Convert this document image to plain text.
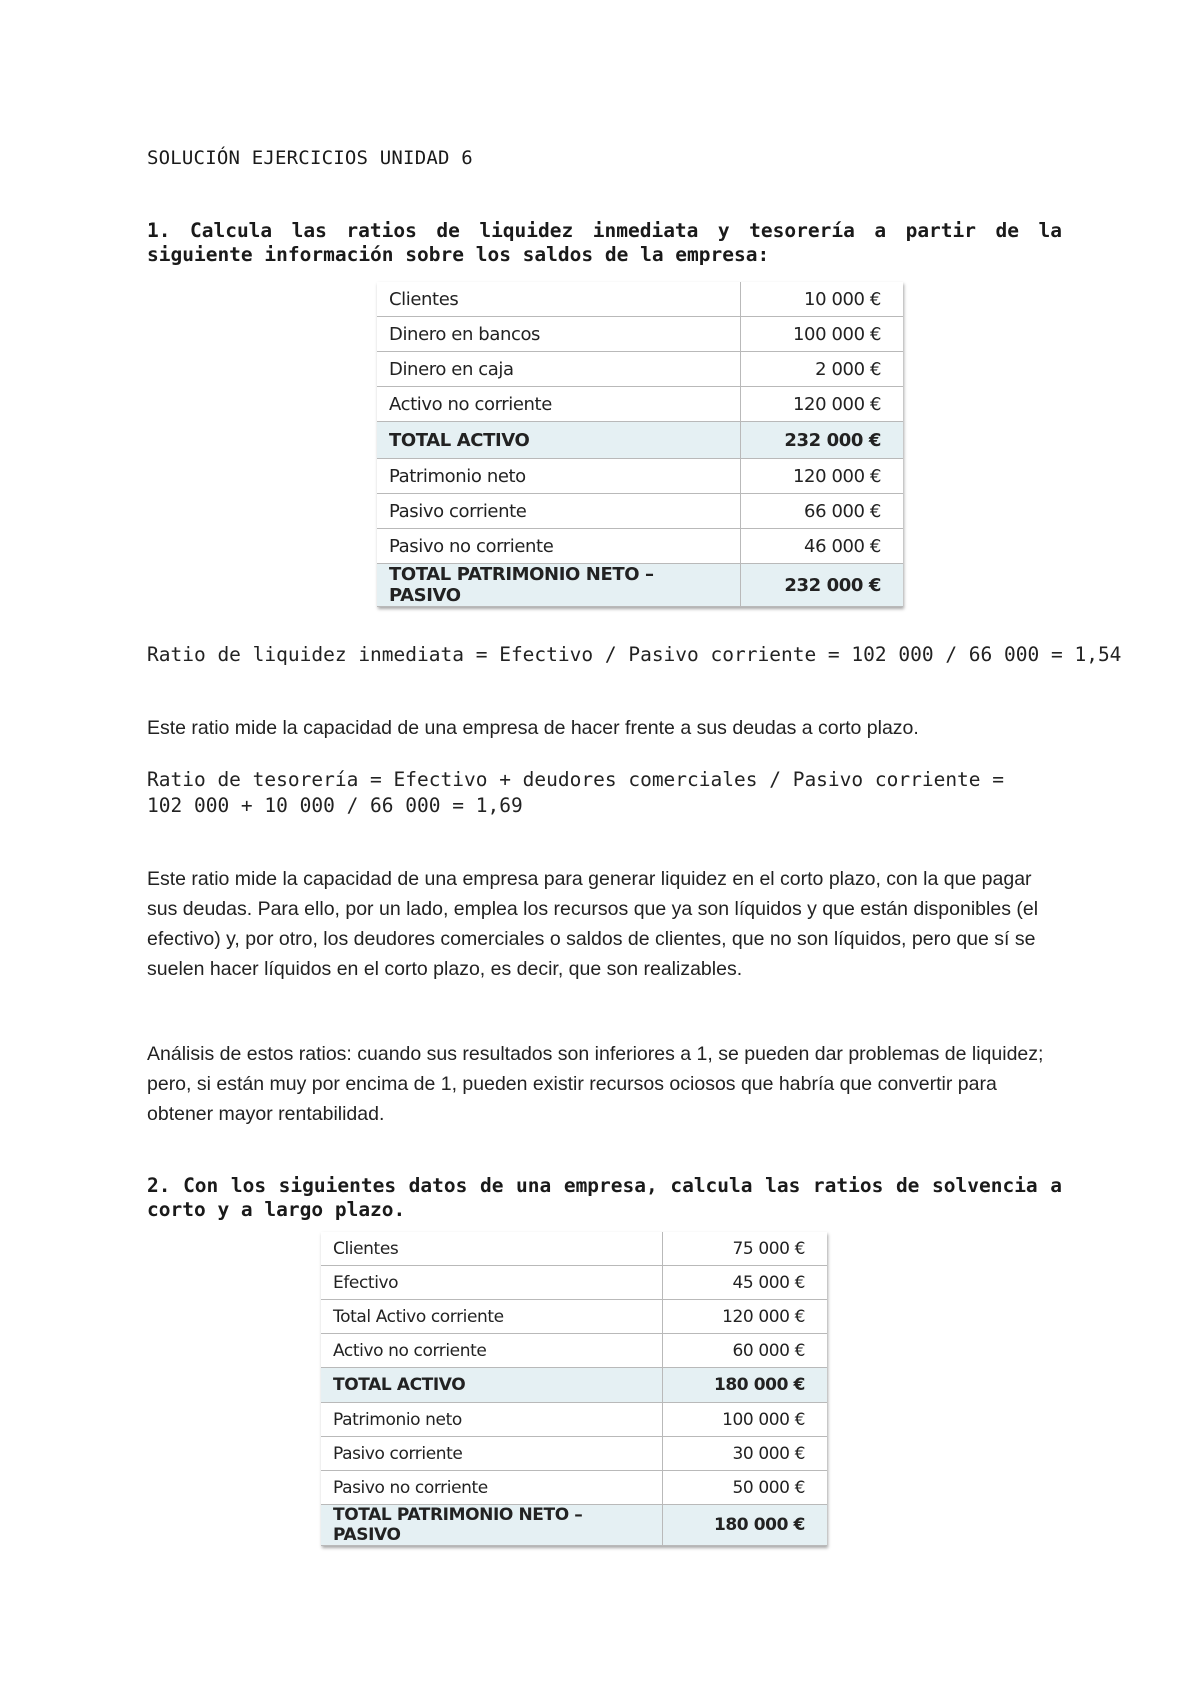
SOLUCIÓN EJERCICIOS UNIDAD 6
1. Calcula las ratios de liquidez inmediata y tesorería a partir de la siguiente información sobre los saldos de la empresa:
Clientes	10 000 €
Dinero en bancos	100 000 €
Dinero en caja	2 000 €
Activo no corriente	120 000 €
TOTAL ACTIVO	232 000 €
Patrimonio neto	120 000 €
Pasivo corriente	66 000 €
Pasivo no corriente	46 000 €
TOTAL PATRIMONIO NETO – PASIVO	232 000 €
Ratio de liquidez inmediata = Efectivo / Pasivo corriente = 102 000 / 66 000 = 1,54
Este ratio mide la capacidad de una empresa de hacer frente a sus deudas a corto plazo.
Ratio de tesorería = Efectivo + deudores comerciales / Pasivo corriente =
102 000 + 10 000 / 66 000 = 1,69
Este ratio mide la capacidad de una empresa para generar liquidez en el corto plazo, con la que pagar sus deudas. Para ello, por un lado, emplea los recursos que ya son líquidos y que están disponibles (el efectivo) y, por otro, los deudores comerciales o saldos de clientes, que no son líquidos, pero que sí se suelen hacer líquidos en el corto plazo, es decir, que son realizables.
Análisis de estos ratios: cuando sus resultados son inferiores a 1, se pueden dar problemas de liquidez; pero, si están muy por encima de 1, pueden existir recursos ociosos que habría que convertir para obtener mayor rentabilidad.
2. Con los siguientes datos de una empresa, calcula las ratios de solvencia a corto y a largo plazo.
Clientes	75 000 €
Efectivo	45 000 €
Total Activo corriente	120 000 €
Activo no corriente	60 000 €
TOTAL ACTIVO	180 000 €
Patrimonio neto	100 000 €
Pasivo corriente	30 000 €
Pasivo no corriente	50 000 €
TOTAL PATRIMONIO NETO – PASIVO	180 000 €
